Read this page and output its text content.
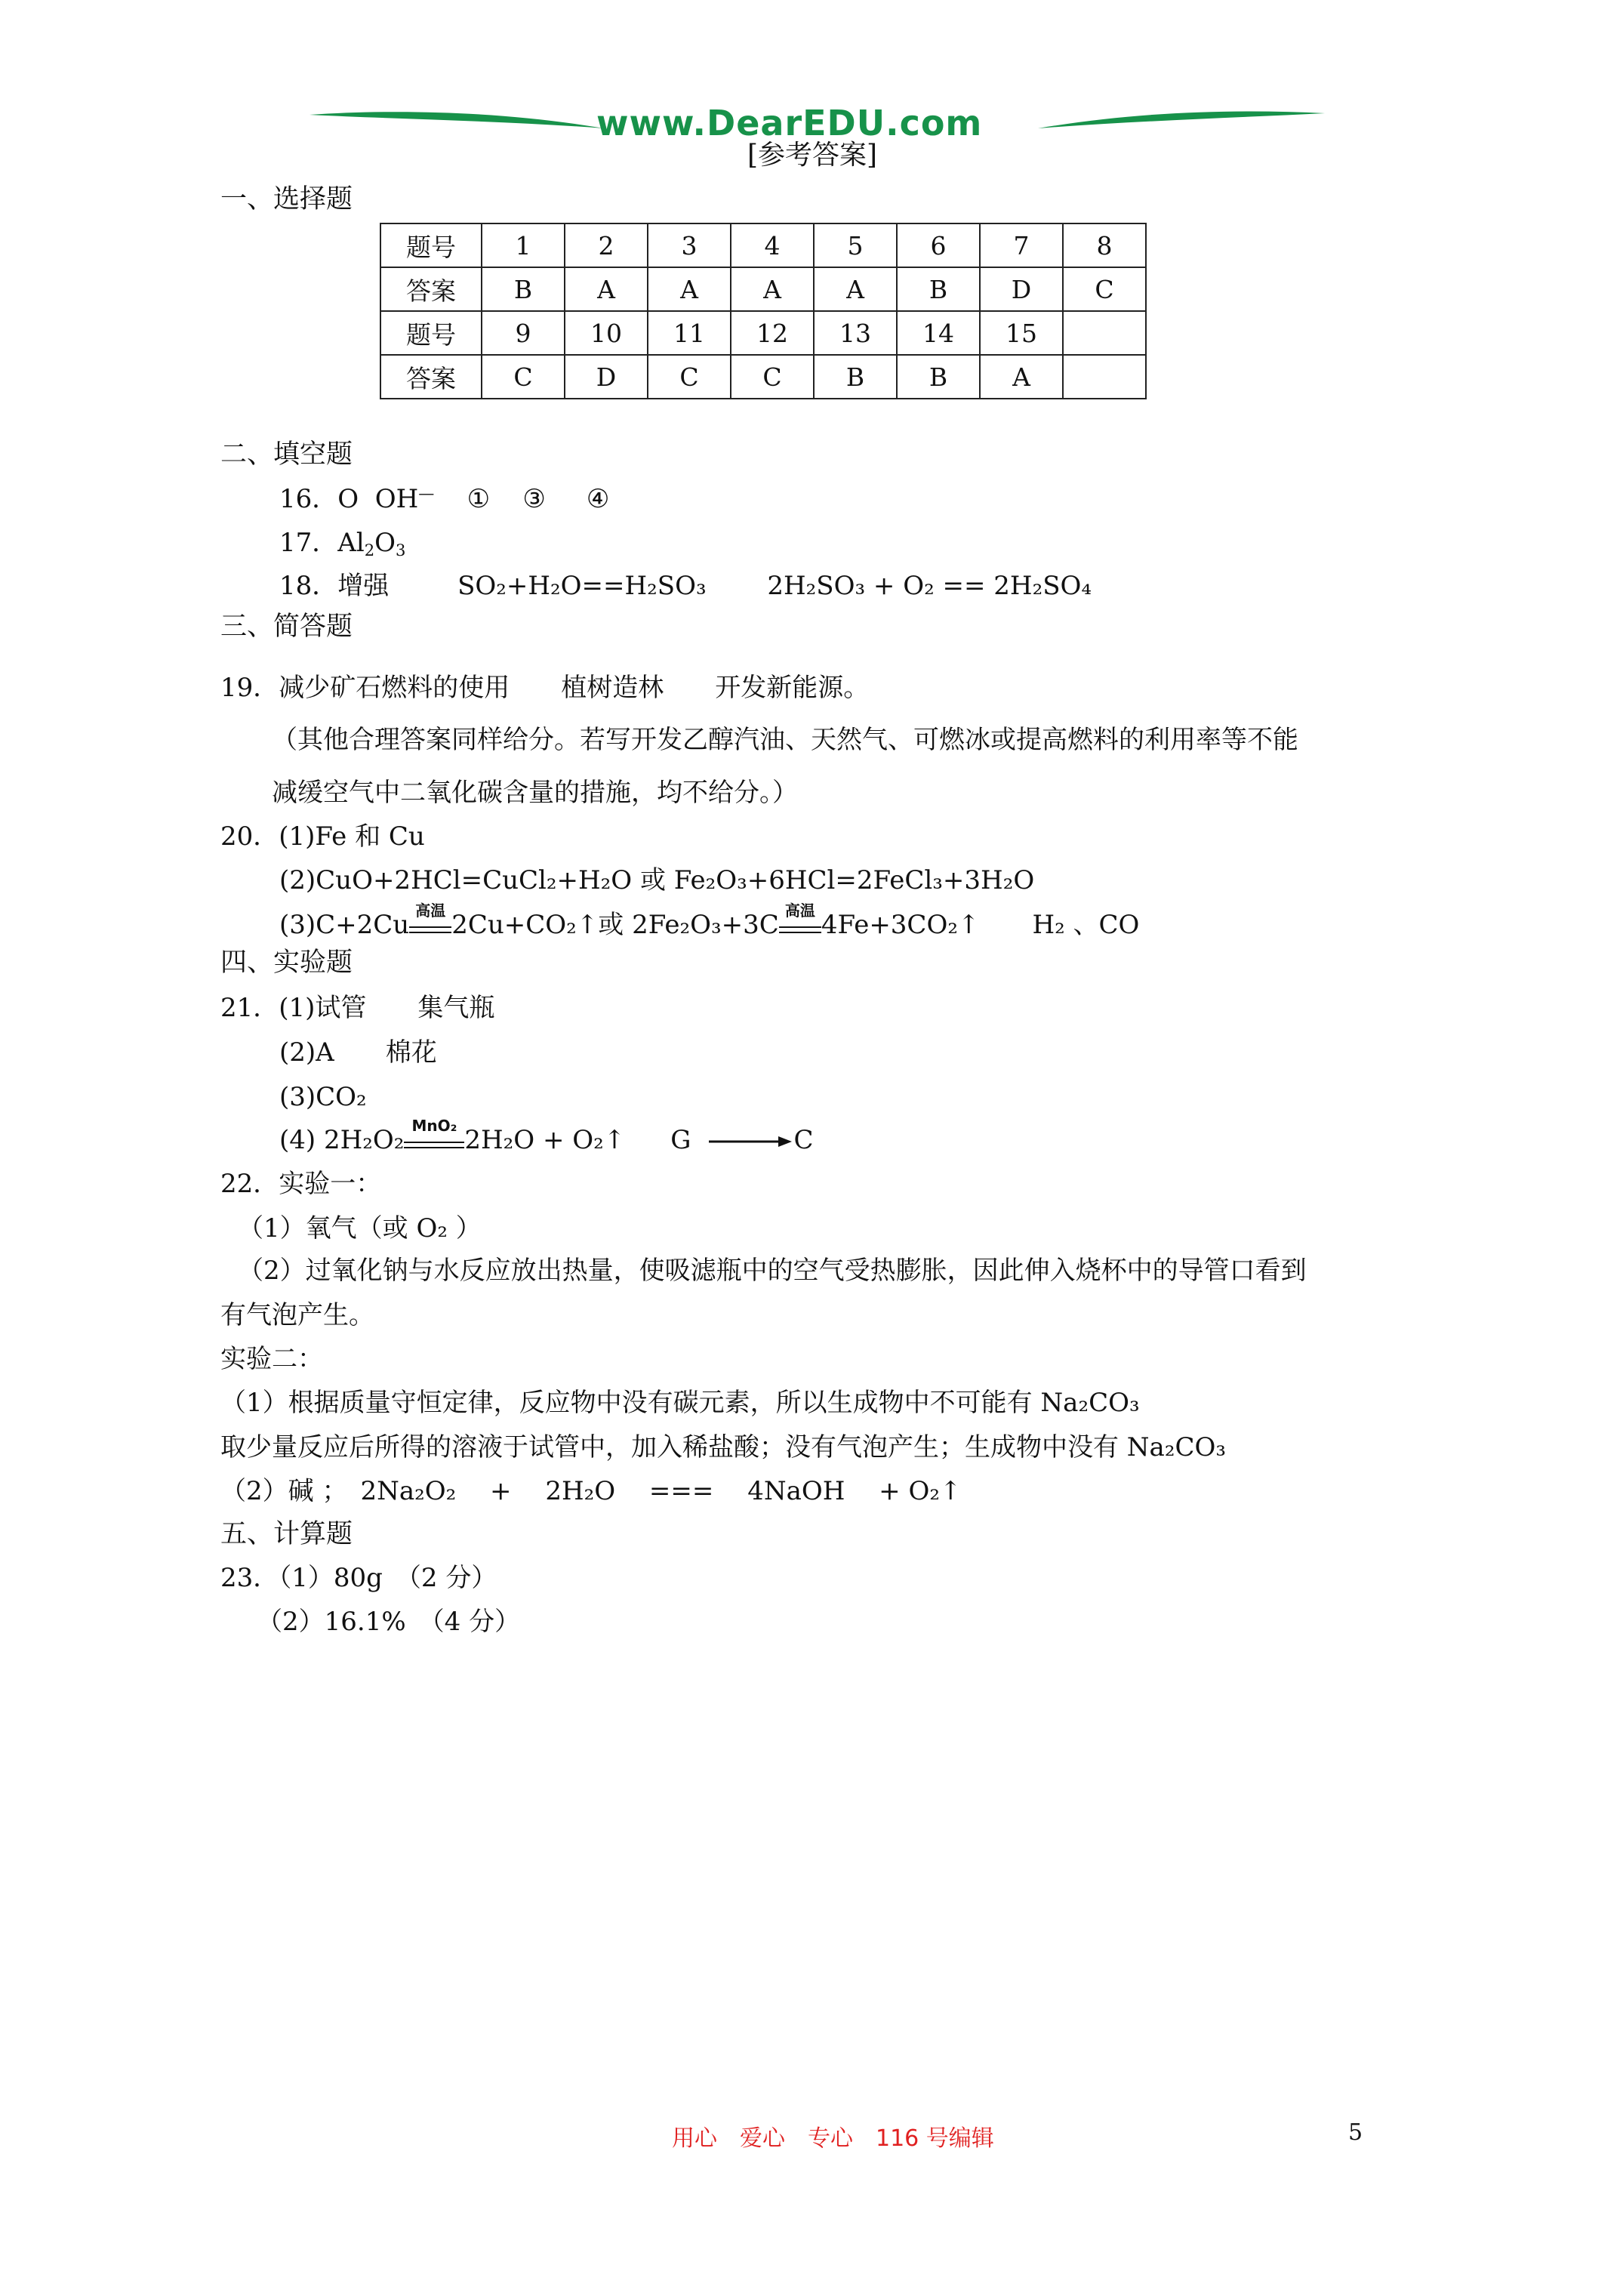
www.DearEDU.com
[参考答案]
一、选择题
题号	1	2	3	4	5	6	7	8
答案	B	A	A	A	A	B	D	C
题号	9	10	11	12	13	14	15	
答案	C	D	C	C	B	B	A	
二、填空题
16．O OH— ① ③ ④
17．$Al_2O_3$
18．增强	SO₂+H₂O==H₂SO₃ 2H₂SO₃ + O₂ == 2H₂SO₄
三、简答题
19．减少矿石燃料的使用　　植树造林　　开发新能源。
（其他合理答案同样给分。若写开发乙醇汽油、天然气、可燃冰或提高燃料的利用率等不能
减缓空气中二氧化碳含量的措施，均不给分。）
20．(1)Fe 和 Cu
(2)CuO+2HCl=CuCl₂+H₂O 或 Fe₂O₃+6HCl=2FeCl₃+3H₂O
(3)C+2Cu 高温 2Cu+CO₂↑或 2Fe₂O₃+3C 高温 4Fe+3CO₂↑ H₂ 、CO
四、实验题
21．(1)试管　　集气瓶
(2)A　　棉花
(3)CO₂
(4) 2H₂O₂ MnO₂ 2H₂O + O₂↑ G	C
22．实验一：
（1）氧气（或 O₂ ）
（2）过氧化钠与水反应放出热量，使吸滤瓶中的空气受热膨胀，因此伸入烧杯中的导管口看到
有气泡产生。
实验二：
（1）根据质量守恒定律，反应物中没有碳元素，所以生成物中不可能有 Na₂CO₃
取少量反应后所得的溶液于试管中，加入稀盐酸；没有气泡产生；生成物中没有 Na₂CO₃
（2）碱 ；　2Na₂O₂　 +　 2H₂O　 ===　 4NaOH　 + O₂↑
五、计算题
23．（1）80g　（2 分）
（2）16.1%　（4 分）
用心　爱心　专心　116 号编辑	5
